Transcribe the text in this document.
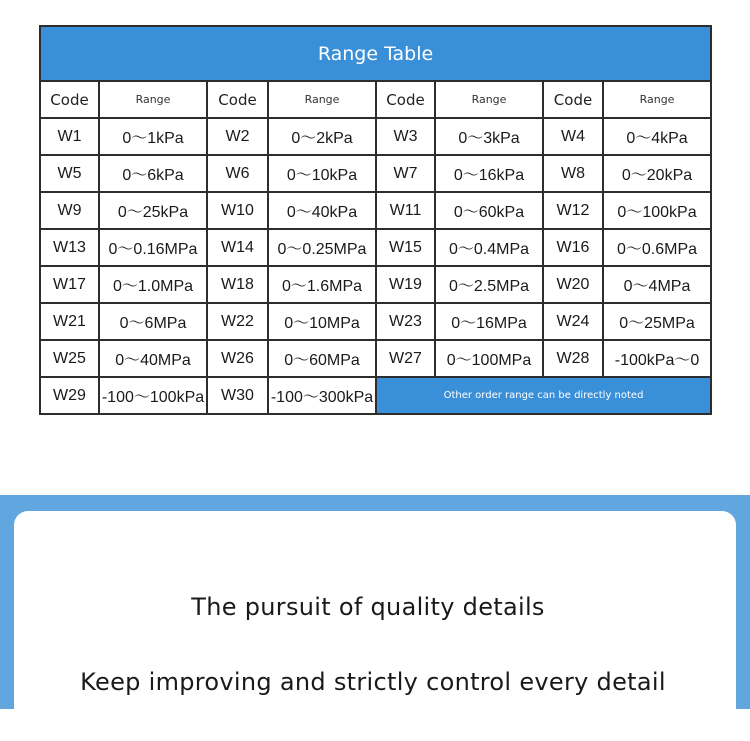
Range Table							
Code	Range	Code	Range	Code	Range	Code	Range
W1	0～1kPa	W2	0～2kPa	W3	0～3kPa	W4	0～4kPa
W5	0～6kPa	W6	0～10kPa	W7	0～16kPa	W8	0～20kPa
W9	0～25kPa	W10	0～40kPa	W11	0～60kPa	W12	0～100kPa
W13	0～0.16MPa	W14	0～0.25MPa	W15	0～0.4MPa	W16	0～0.6MPa
W17	0～1.0MPa	W18	0～1.6MPa	W19	0～2.5MPa	W20	0～4MPa
W21	0～6MPa	W22	0～10MPa	W23	0～16MPa	W24	0～25MPa
W25	0～40MPa	W26	0～60MPa	W27	0～100MPa	W28	-100kPa～0
W29	-100～100kPa	W30	-100～300kPa	Other order range can be directly noted			
The pursuit of quality details
Keep improving and strictly control every detail
